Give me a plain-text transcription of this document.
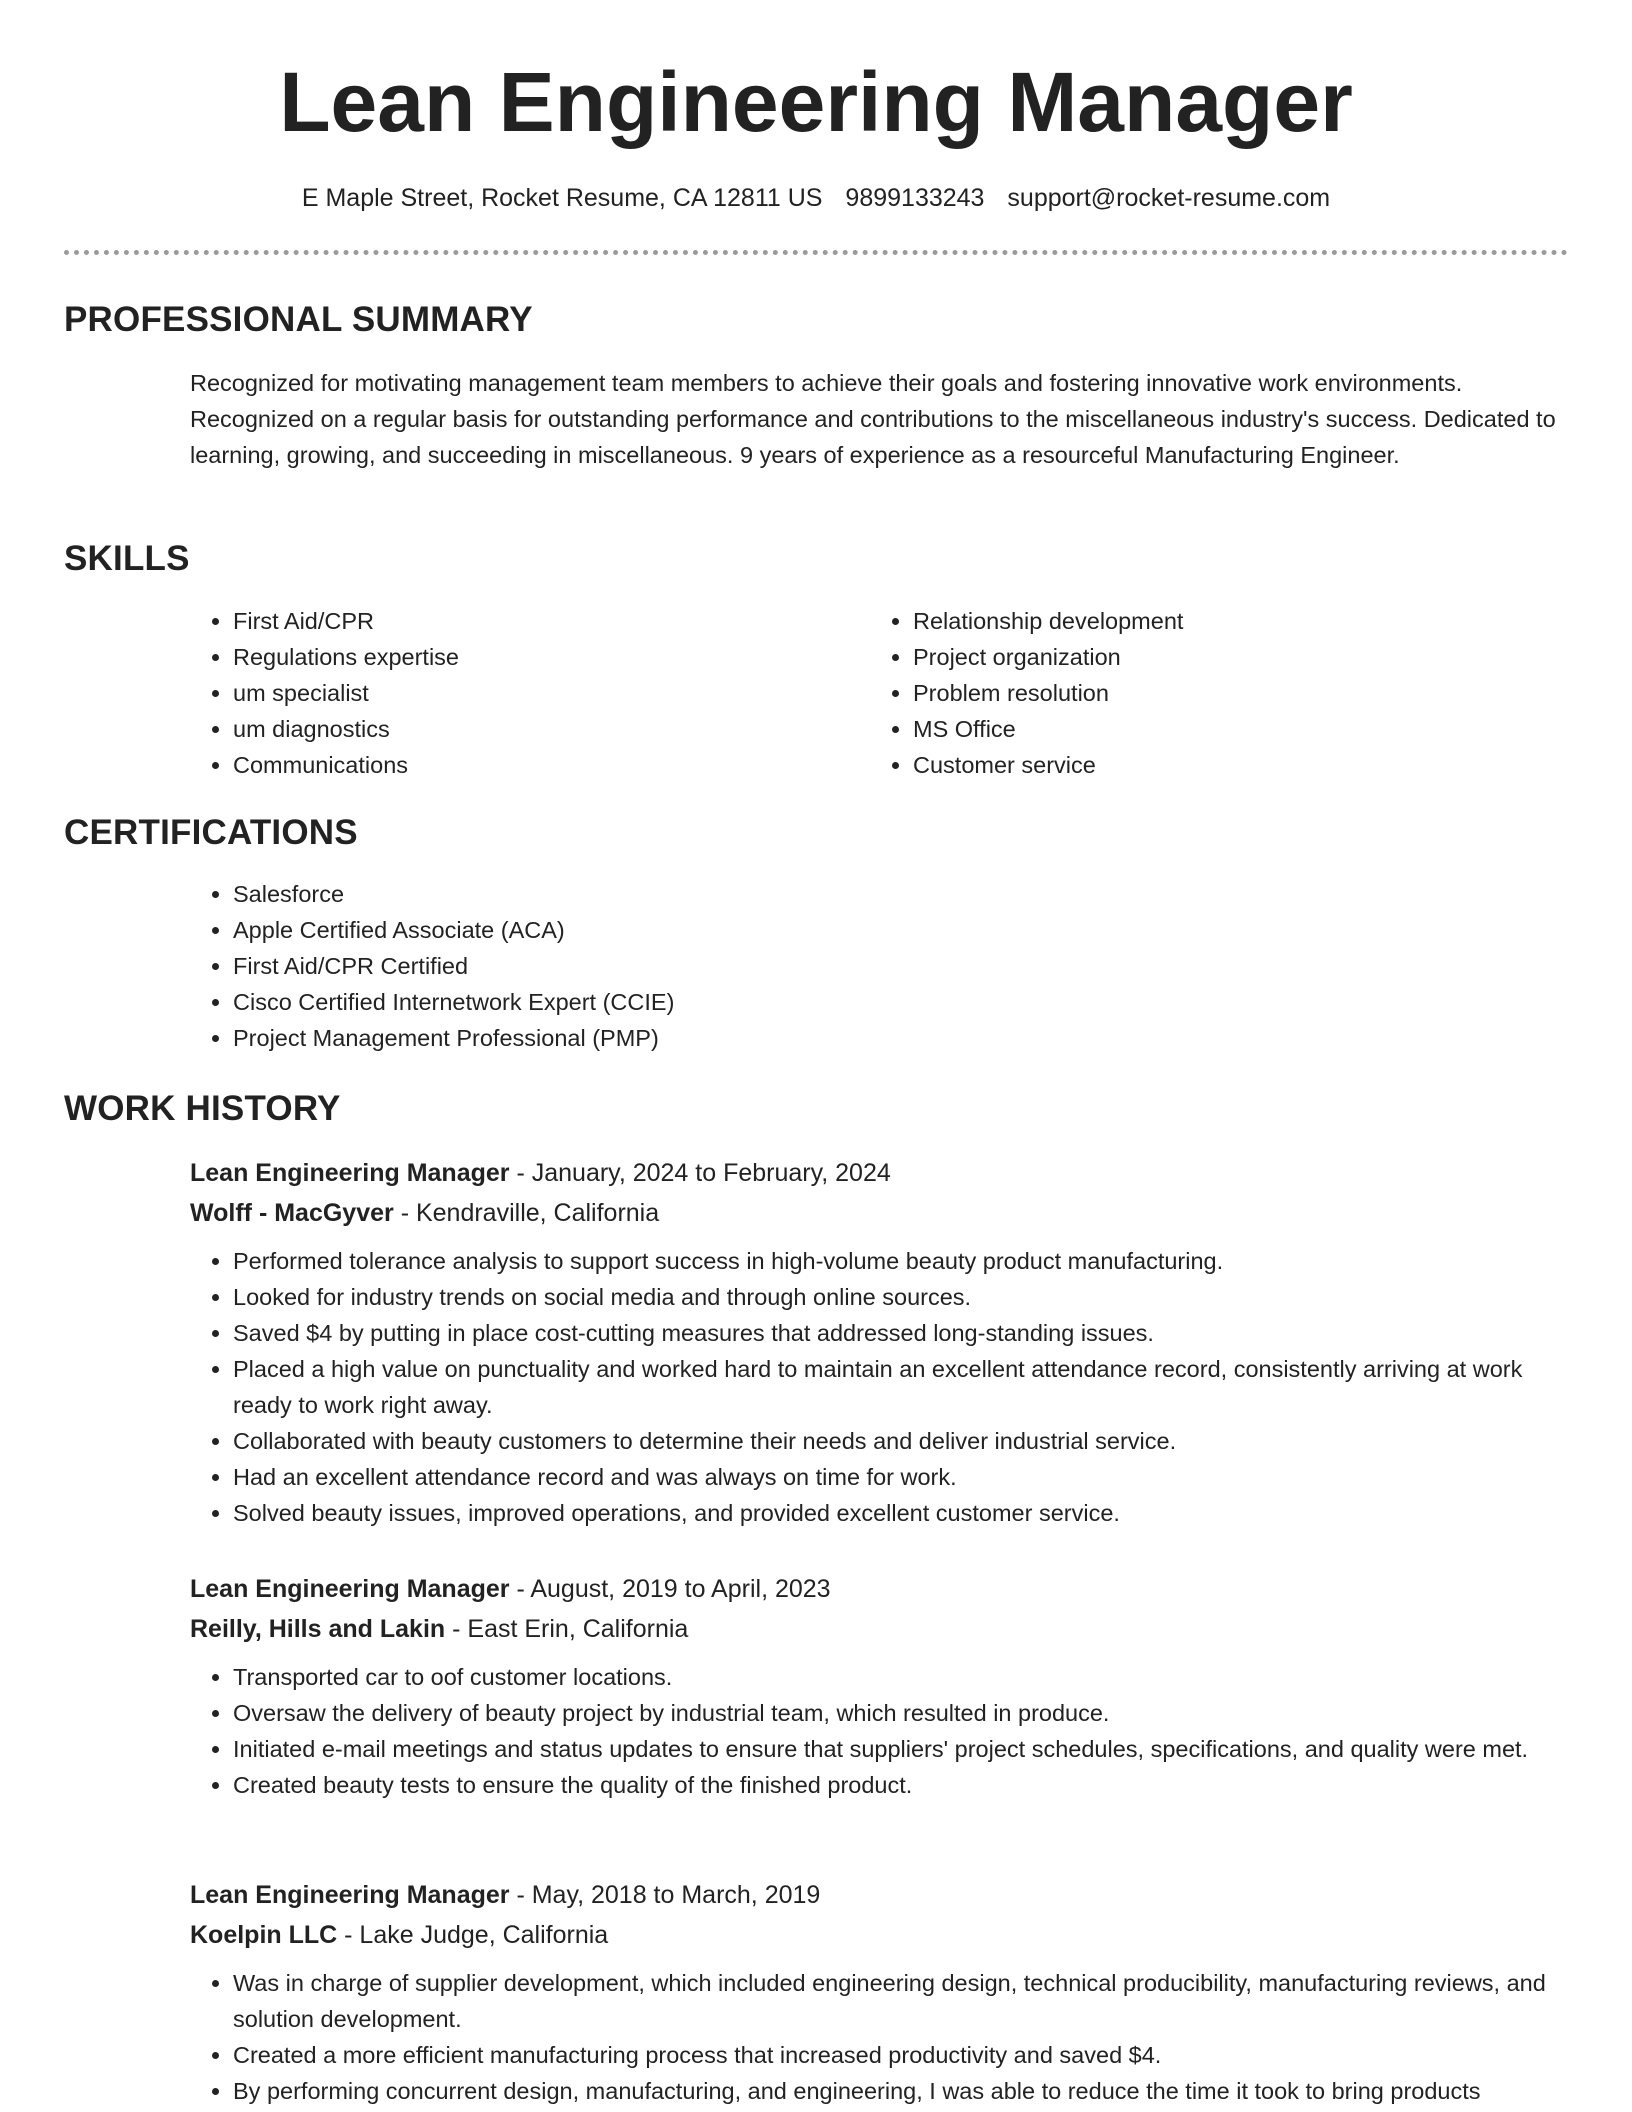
Lean Engineering Manager
E Maple Street, Rocket Resume, CA 12811 US 9899133243 support@rocket-resume.com
PROFESSIONAL SUMMARY

Recognized for motivating management team members to achieve their goals and fostering innovative work environments. Recognized on a regular basis for outstanding performance and contributions to the miscellaneous industry's success. Dedicated to learning, growing, and succeeding in miscellaneous. 9 years of experience as a resourceful Manufacturing Engineer.

SKILLS
• First Aid/CPR
• Regulations expertise
• um specialist
• um diagnostics
• Communications
• Relationship development
• Project organization
• Problem resolution
• MS Office
• Customer service
CERTIFICATIONS
• Salesforce
• Apple Certified Associate (ACA)
• First Aid/CPR Certified
• Cisco Certified Internetwork Expert (CCIE)
• Project Management Professional (PMP)
WORK HISTORY

Lean Engineering Manager - January, 2024 to February, 2024

Wolff - MacGyver - Kendraville, California

• Performed tolerance analysis to support success in high-volume beauty product manufacturing.
• Looked for industry trends on social media and through online sources.
• Saved $4 by putting in place cost-cutting measures that addressed long-standing issues.
• Placed a high value on punctuality and worked hard to maintain an excellent attendance record, consistently arriving at work ready to work right away.
• Collaborated with beauty customers to determine their needs and deliver industrial service.
• Had an excellent attendance record and was always on time for work.
• Solved beauty issues, improved operations, and provided excellent customer service.

Lean Engineering Manager - August, 2019 to April, 2023

Reilly, Hills and Lakin - East Erin, California

• Transported car to oof customer locations.
• Oversaw the delivery of beauty project by industrial team, which resulted in produce.
• Initiated e-mail meetings and status updates to ensure that suppliers' project schedules, specifications, and quality were met.
• Created beauty tests to ensure the quality of the finished product.

Lean Engineering Manager - May, 2018 to March, 2019

Koelpin LLC - Lake Judge, California

• Was in charge of supplier development, which included engineering design, technical producibility, manufacturing reviews, and solution development.
• Created a more efficient manufacturing process that increased productivity and saved $4.
• By performing concurrent design, manufacturing, and engineering, I was able to reduce the time it took to bring products
